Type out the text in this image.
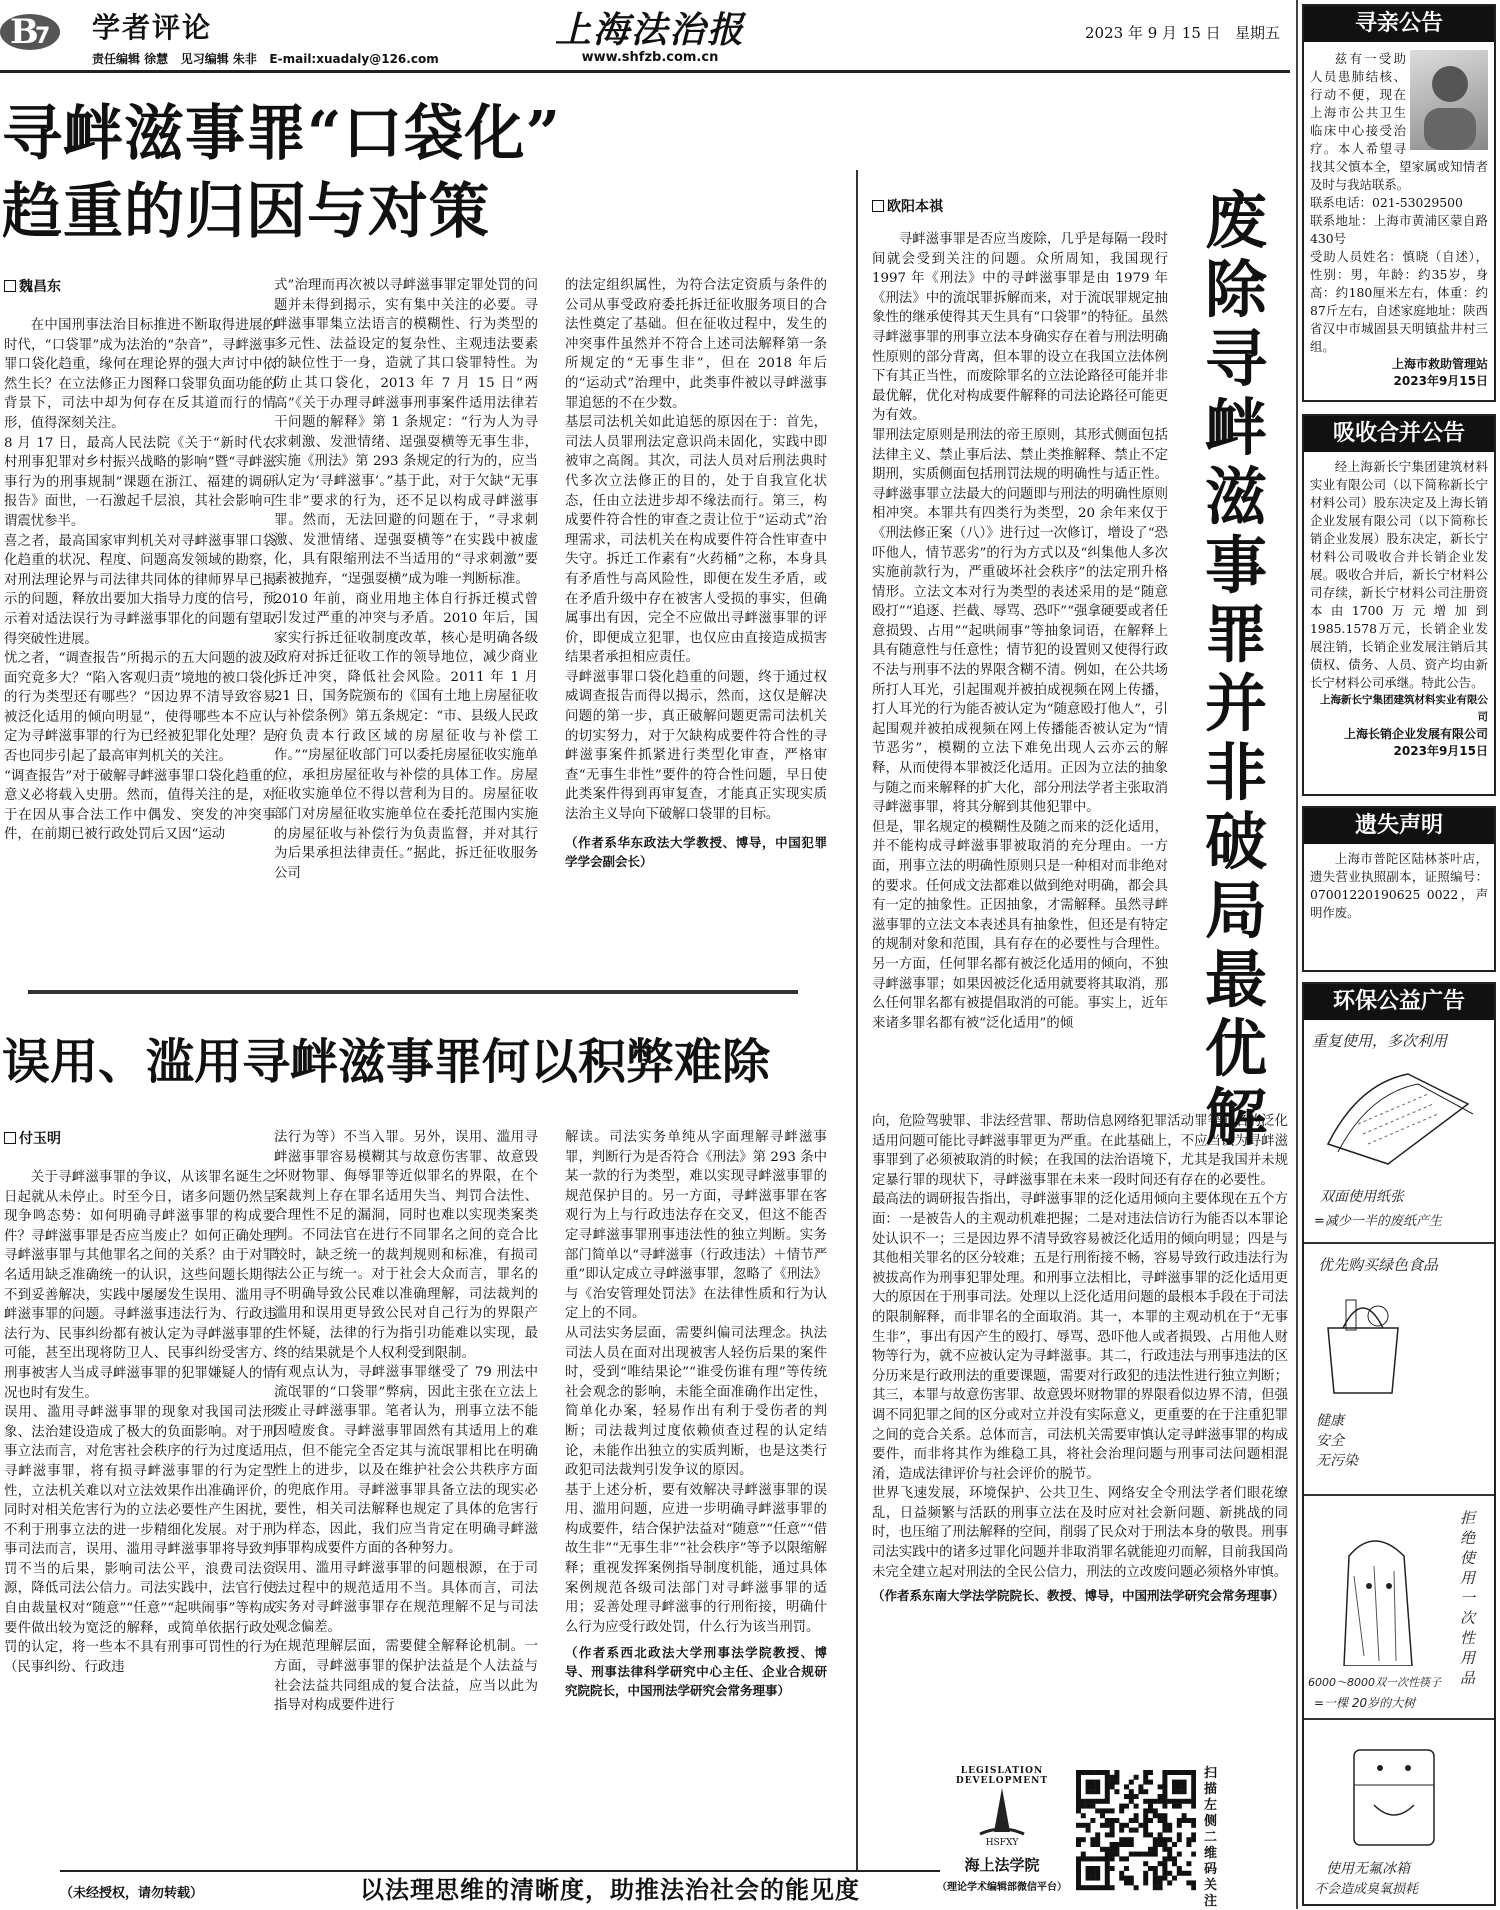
B
7 学者评论
责任编辑 徐慧   见习编辑 朱非   E-mail:xuadaly@126.com
上海法治报
www.shfzb.com.cn
2023 年 9 月 15 日   星期五
寻衅滋事罪“口袋化”
趋重的归因与对策
魏昌东

在中国刑事法治目标推进不断取得进展的时代，“口袋罪”成为法治的“杂音”，寻衅滋事罪口袋化趋重，缘何在理论界的强大声讨中依然生长？在立法修正力图释口袋罪负面功能的背景下，司法中却为何存在反其道而行的情形，值得深刻关注。
8 月 17 日，最高人民法院《关于“新时代农村刑事犯罪对乡村振兴战略的影响”暨“寻衅滋事行为的刑事规制”课题在浙江、福建的调研报告》面世，一石激起千层浪，其社会影响可谓震忧参半。
喜之者，最高国家审判机关对寻衅滋事罪口袋化趋重的状况、程度、问题高发领域的勘察，对刑法理论界与司法律共同体的律师界早已揭示的问题，释放出要加大指导力度的信号，预示着对适法误行为寻衅滋事罪化的问题有望取得突破性进展。
忧之者，“调查报告”所揭示的五大问题的波及面究竟多大？“陷入客观归责”境地的被口袋化的行为类型还有哪些？“因边界不清导致容易被泛化适用的倾向明显”，使得哪些本不应认定为寻衅滋事罪的行为已经被犯罪化处理？是否也同步引起了最高审判机关的关注。
“调查报告”对于破解寻衅滋事罪口袋化趋重的意义必将载入史册。然而，值得关注的是，对于在因从事合法工作中偶发、突发的冲突事件，在前期已被行政处罚后又因“运动

式”治理而再次被以寻衅滋事罪定罪处罚的问题并未得到揭示，实有集中关注的必要。寻衅滋事罪集立法语言的模糊性、行为类型的多元性、法益设定的复杂性、主观违法要素的缺位性于一身，造就了其口袋罪特性。为防止其口袋化，2013 年 7 月 15 日“两高”《关于办理寻衅滋事刑事案件适用法律若干问题的解释》第 1 条规定：“行为人为寻求刺激、发泄情绪、逞强耍横等无事生非，实施《刑法》第 293 条规定的行为的，应当认定为‘寻衅滋事’。”基于此，对于欠缺“无事生非”要求的行为，还不足以构成寻衅滋事罪。然而，无法回避的问题在于，“寻求刺激、发泄情绪、逞强耍横等”在实践中被虚化，具有限缩刑法不当适用的“寻求刺激”要素被抛弃，“逞强耍横”成为唯一判断标准。
2010 年前，商业用地主体自行拆迁模式曾引发过严重的冲突与矛盾。2010 年后，国家实行拆迁征收制度改革，核心是明确各级政府对拆迁征收工作的领导地位，减少商业拆迁冲突，降低社会风险。2011 年 1 月 21 日，国务院颁布的《国有土地上房屋征收与补偿条例》第五条规定：“市、县级人民政府负责本行政区域的房屋征收与补偿工作。”“房屋征收部门可以委托房屋征收实施单位，承担房屋征收与补偿的具体工作。房屋征收实施单位不得以营利为目的。房屋征收部门对房屋征收实施单位在委托范围内实施的房屋征收与补偿行为负责监督，并对其行为后果承担法律责任。”据此，拆迁征收服务公司

的法定组织属性，为符合法定资质与条件的公司从事受政府委托拆迁征收服务项目的合法性奠定了基础。但在征收过程中，发生的冲突事件虽然并不符合上述司法解释第一条所规定的“无事生非”，但在 2018 年后的“运动式”治理中，此类事件被以寻衅滋事罪追惩的不在少数。
基层司法机关如此追惩的原因在于：首先，司法人员罪刑法定意识尚未固化，实践中即被审之高阁。其次，司法人员对后刑法典时代多次立法修正的目的，处于自我宣化状态，任由立法进步却不缘法而行。第三，构成要件符合性的审查之责让位于“运动式”治理需求，司法机关在构成要件符合性审查中失守。拆迁工作素有“火药桶”之称，本身具有矛盾性与高风险性，即便在发生矛盾，或在矛盾升级中存在被害人受损的事实，但确属事出有因，完全不应做出寻衅滋事罪的评价，即便成立犯罪，也仅应由直接造成损害结果者承担相应责任。
寻衅滋事罪口袋化趋重的问题，终于通过权威调查报告而得以揭示，然而，这仅是解决问题的第一步，真正破解问题更需司法机关的切实努力，对于欠缺构成要件符合性的寻衅滋事案件抓紧进行类型化审查，严格审查“无事生非性”要件的符合性问题，早日使此类案件得到再审复查，才能真正实现实质法治主义导向下破解口袋罪的目标。

（作者系华东政法大学教授、博导，中国犯罪学学会副会长）

误用、滥用寻衅滋事罪何以积弊难除
付玉明

关于寻衅滋事罪的争议，从该罪名诞生之日起就从未停止。时至今日，诸多问题仍然呈现争鸣态势：如何明确寻衅滋事罪的构成要件？寻衅滋事罪是否应当废止？如何正确处理寻衅滋事罪与其他罪名之间的关系？由于对罪名适用缺乏准确统一的认识，这些问题长期得不到妥善解决，实践中屡屡发生误用、滥用寻衅滋事罪的问题。寻衅滋事违法行为、行政违法行为、民事纠纷都有被认定为寻衅滋事罪的可能，甚至出现将防卫人、民事纠纷受害方、刑事被害人当成寻衅滋事罪的犯罪嫌疑人的情况也时有发生。
误用、滥用寻衅滋事罪的现象对我国司法形象、法治建设造成了极大的负面影响。对于刑事立法而言，对危害社会秩序的行为过度适用寻衅滋事罪，将有损寻衅滋事罪的行为定型性，立法机关难以对立法效果作出准确评价，同时对相关危害行为的立法必要性产生困扰，不利于刑事立法的进一步精细化发展。对于刑事司法而言，误用、滥用寻衅滋事罪将导致判罚不当的后果，影响司法公平，浪费司法资源，降低司法公信力。司法实践中，法官行使自由裁量权对“随意”“任意”“起哄闹事”等构成要件做出较为宽泛的解释，或简单依据行政处罚的认定，将一些本不具有刑事可罚性的行为（民事纠纷、行政违

法行为等）不当入罪。另外，误用、滥用寻衅滋事罪容易模糊其与故意伤害罪、故意毁坏财物罪、侮辱罪等近似罪名的界限，在个案裁判上存在罪名适用失当、判罚合法性、合理性不足的漏洞，同时也难以实现类案类判。不同法官在进行不同罪名之间的竞合比较时，缺乏统一的裁判规则和标准，有损司法公正与统一。对于社会大众而言，罪名的不明确导致公民难以准确理解，司法裁判的滥用和误用更导致公民对自己行为的界限产生怀疑，法律的行为指引功能难以实现，最终的结果就是个人权利受到限制。
有观点认为，寻衅滋事罪继受了 79 刑法中流氓罪的“口袋罪”弊病，因此主张在立法上废止寻衅滋事罪。笔者认为，刑事立法不能因噎废食。寻衅滋事罪固然有其适用上的难点，但不能完全否定其与流氓罪相比在明确性上的进步，以及在维护社会公共秩序方面的兜底作用。寻衅滋事罪具备立法的现实必要性，相关司法解释也规定了具体的危害行为样态，因此，我们应当肯定在明确寻衅滋事罪构成要件方面的各种努力。
误用、滥用寻衅滋事罪的问题根源，在于司法过程中的规范适用不当。具体而言，司法实务对寻衅滋事罪存在规范理解不足与司法观念偏差。
在规范理解层面，需要健全解释论机制。一方面，寻衅滋事罪的保护法益是个人法益与社会法益共同组成的复合法益，应当以此为指导对构成要件进行

解读。司法实务单纯从字面理解寻衅滋事罪，判断行为是否符合《刑法》第 293 条中某一款的行为类型，难以实现寻衅滋事罪的规范保护目的。另一方面，寻衅滋事罪在客观行为上与行政违法存在交叉，但这不能否定寻衅滋事罪刑事违法性的独立判断。实务部门简单以“寻衅滋事（行政违法）＋情节严重”即认定成立寻衅滋事罪，忽略了《刑法》与《治安管理处罚法》在法律性质和行为认定上的不同。
从司法实务层面，需要纠偏司法理念。执法司法人员在面对出现被害人轻伤后果的案件时，受到“唯结果论”“谁受伤谁有理”等传统社会观念的影响，未能全面准确作出定性，简单化办案，轻易作出有利于受伤者的判断；司法裁判过度依赖侦查过程的认定结论，未能作出独立的实质判断，也是这类行政犯司法裁判引发争议的原因。
基于上述分析，要有效解决寻衅滋事罪的误用、滥用问题，应进一步明确寻衅滋事罪的构成要件，结合保护法益对“随意”“任意”“借故生非”“无事生非”“社会秩序”等予以限缩解释；重视发挥案例指导制度机能，通过具体案例规范各级司法部门对寻衅滋事罪的适用；妥善处理寻衅滋事的行刑衔接，明确什么行为应受行政处罚，什么行为该当刑罚。

（作者系西北政法大学刑事法学院教授、博导、刑事法律科学研究中心主任、企业合规研究院院长，中国刑法学研究会常务理事）

欧阳本祺	废除寻衅滋事罪并非破局最优解

寻衅滋事罪是否应当废除，几乎是每隔一段时间就会受到关注的问题。众所周知，我国现行 1997 年《刑法》中的寻衅滋事罪是由 1979 年《刑法》中的流氓罪拆解而来，对于流氓罪规定抽象性的继承使得其天生具有“口袋罪”的特征。虽然寻衅滋事罪的刑事立法本身确实存在着与刑法明确性原则的部分背离，但本罪的设立在我国立法体例下有其正当性，而废除罪名的立法论路径可能并非最优解，优化对构成要件解释的司法论路径可能更为有效。
罪刑法定原则是刑法的帝王原则，其形式侧面包括法律主义、禁止事后法、禁止类推解释、禁止不定期刑，实质侧面包括刑罚法规的明确性与适正性。寻衅滋事罪立法最大的问题即与刑法的明确性原则相冲突。本罪共有四类行为类型，20 余年来仅于《刑法修正案（八）》进行过一次修订，增设了“恐吓他人，情节恶劣”的行为方式以及“纠集他人多次实施前款行为，严重破坏社会秩序”的法定刑升格情形。立法文本对行为类型的表述采用的是“随意殴打”“追逐、拦截、辱骂、恐吓”“强拿硬要或者任意损毁、占用”“起哄闹事”等抽象词语，在解释上具有随意性与任意性；情节犯的设置则又使得行政不法与刑事不法的界限含糊不清。例如，在公共场所打人耳光，引起围观并被拍成视频在网上传播，打人耳光的行为能否被认定为“随意殴打他人”，引起围观并被拍成视频在网上传播能否被认定为“情节恶劣”，模糊的立法下难免出现人云亦云的解释，从而使得本罪被泛化适用。正因为立法的抽象与随之而来解释的扩大化，部分刑法学者主张取消寻衅滋事罪，将其分解到其他犯罪中。
但是，罪名规定的模糊性及随之而来的泛化适用，并不能构成寻衅滋事罪被取消的充分理由。一方面，刑事立法的明确性原则只是一种相对而非绝对的要求。任何成文法都难以做到绝对明确，都会具有一定的抽象性。正因抽象，才需解释。虽然寻衅滋事罪的立法文本表述具有抽象性，但还是有特定的规制对象和范围，具有存在的必要性与合理性。另一方面，任何罪名都有被泛化适用的倾向，不独寻衅滋事罪；如果因被泛化适用就要将其取消，那么任何罪名都有被提倡取消的可能。事实上，近年来诸多罪名都有被“泛化适用”的倾

向，危险驾驶罪、非法经营罪、帮助信息网络犯罪活动罪等罪名的泛化适用问题可能比寻衅滋事罪更为严重。在此基础上，不应当认为寻衅滋事罪到了必须被取消的时候；在我国的法治语境下，尤其是我国并未规定暴行罪的现状下，寻衅滋事罪在未来一段时间还有存在的必要性。
最高法的调研报告指出，寻衅滋事罪的泛化适用倾向主要体现在五个方面：一是被告人的主观动机难把握；二是对违法信访行为能否以本罪论处认识不一；三是因边界不清导致容易被泛化适用的倾向明显；四是与其他相关罪名的区分较难；五是行刑衔接不畅，容易导致行政违法行为被拔高作为刑事犯罪处理。和刑事立法相比，寻衅滋事罪的泛化适用更大的原因在于刑事司法。处理以上泛化适用问题的最根本手段在于司法的限制解释，而非罪名的全面取消。其一，本罪的主观动机在于“无事生非”，事出有因产生的殴打、辱骂、恐吓他人或者损毁、占用他人财物等行为，就不应被认定为寻衅滋事。其二，行政违法与刑事违法的区分历来是行政刑法的重要课题，需要对行政犯的违法性进行独立判断；其三，本罪与故意伤害罪、故意毁坏财物罪的界限看似边界不清，但强调不同犯罪之间的区分或对立并没有实际意义，更重要的在于注重犯罪之间的竞合关系。总体而言，司法机关需要审慎认定寻衅滋事罪的构成要件，而非将其作为维稳工具，将社会治理问题与刑事司法问题相混淆，造成法律评价与社会评价的脱节。
世界飞速发展，环境保护、公共卫生、网络安全令刑法学者们眼花缭乱，日益频繁与活跃的刑事立法在及时应对社会新问题、新挑战的同时，也压缩了刑法解释的空间，削弱了民众对于刑法本身的敬畏。刑事司法实践中的诸多过罪化问题并非取消罪名就能迎刃而解，目前我国尚未完全建立起对刑法的全民公信力，刑法的立改废问题必须格外审慎。

（作者系东南大学法学院院长、教授、博导，中国刑法学研究会常务理事）

寻亲公告

兹有一受助人员患肺结核、行动不便，现在上海市公共卫生临床中心接受治疗。本人希望寻找其父慎本全，望家属或知情者及时与我站联系。
联系电话：021-53029500
联系地址：上海市黄浦区蒙自路430号
受助人员姓名：慎晓（自述），性别：男，年龄：约35岁，身高：约180厘米左右，体重：约87斤左右，自述家庭地址：陕西省汉中市城固县天明镇盐井村三组。

上海市救助管理站

2023年9月15日

吸收合并公告

经上海新长宁集团建筑材料实业有限公司（以下简称新长宁材料公司）股东决定及上海长销企业发展有限公司（以下简称长销企业发展）股东决定，新长宁材料公司吸收合并长销企业发展。吸收合并后，新长宁材料公司存续，新长宁材料公司注册资本由1700万元增加到1985.1578万元，长销企业发展注销，长销企业发展注销后其债权、债务、人员、资产均由新长宁材料公司承继。特此公告。

上海新长宁集团建筑材料实业有限公司

上海长销企业发展有限公司

2023年9月15日

遗失声明

上海市普陀区陆林茶叶店，遗失营业执照副本，证照编号：07001220190625 0022，声明作废。

环保公益广告
重复使用，多次利用
双面使用纸张
=减少一半的废纸产生
优先购买绿色食品
健康
安全
无污染
拒绝使用一次性用品
6000～8000双一次性筷子
=一棵 20岁的大树
使用无氟冰箱
不会造成臭氧损耗
（未经授权，请勿转载）	以法理思维的清晰度，助推法治社会的能见度
LEGISLATION DEVELOPMENT
HSFXY
海上法学院
（理论学术编辑部微信平台）
扫描左侧二维码关注
